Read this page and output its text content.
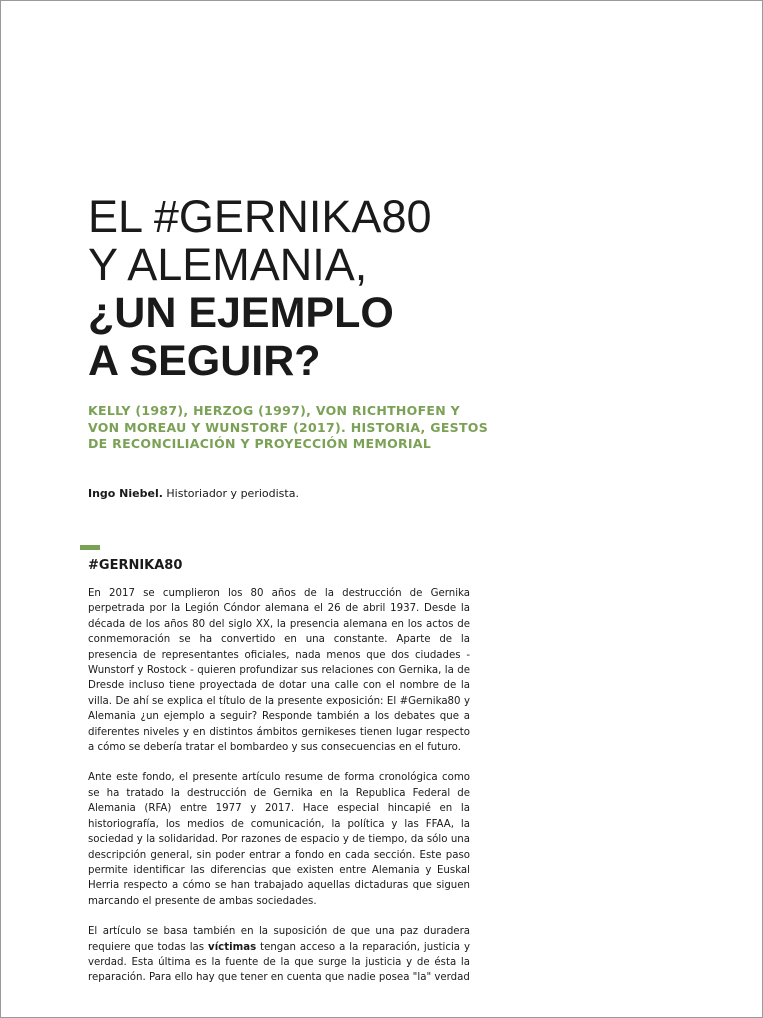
EL #GERNIKA80
Y ALEMANIA,
¿UN EJEMPLO
A SEGUIR?
KELLY (1987), HERZOG (1997), VON RICHTHOFEN Y VON MOREAU Y WUNSTORF (2017). HISTORIA, GESTOS DE RECONCILIACIÓN Y PROYECCIÓN MEMORIAL
Ingo Niebel. Historiador y periodista.
#GERNIKA80

En 2017 se cumplieron los 80 años de la destrucción de Gernika perpetrada por la Legión Cóndor alemana el 26 de abril 1937. Desde la década de los años 80 del siglo XX, la presencia alemana en los actos de conmemoración se ha convertido en una constante. Aparte de la presencia de representantes oficiales, nada menos que dos ciudades - Wunstorf y Rostock - quieren profundizar sus relaciones con Gernika, la de Dresde incluso tiene proyectada de dotar una calle con el nombre de la villa. De ahí se explica el título de la presente exposición: El #Gernika80 y Alemania ¿un ejemplo a seguir? Responde también a los debates que a diferentes niveles y en distintos ámbitos gernikeses tienen lugar respecto a cómo se debería tratar el bombardeo y sus consecuencias en el futuro.

Ante este fondo, el presente artículo resume de forma cronológica como se ha tratado la destrucción de Gernika en la Republica Federal de Alemania (RFA) entre 1977 y 2017. Hace especial hincapié en la historiografía, los medios de comunicación, la política y las FFAA, la sociedad y la solidaridad. Por razones de espacio y de tiempo, da sólo una descripción general, sin poder entrar a fondo en cada sección. Este paso permite identificar las diferencias que existen entre Alemania y Euskal Herria respecto a cómo se han trabajado aquellas dictaduras que siguen marcando el presente de ambas sociedades.

El artículo se basa también en la suposición de que una paz duradera requiere que todas las víctimas tengan acceso a la reparación, justicia y verdad. Esta última es la fuente de la que surge la justicia y de ésta la reparación. Para ello hay que tener en cuenta que nadie posea "la" verdad
